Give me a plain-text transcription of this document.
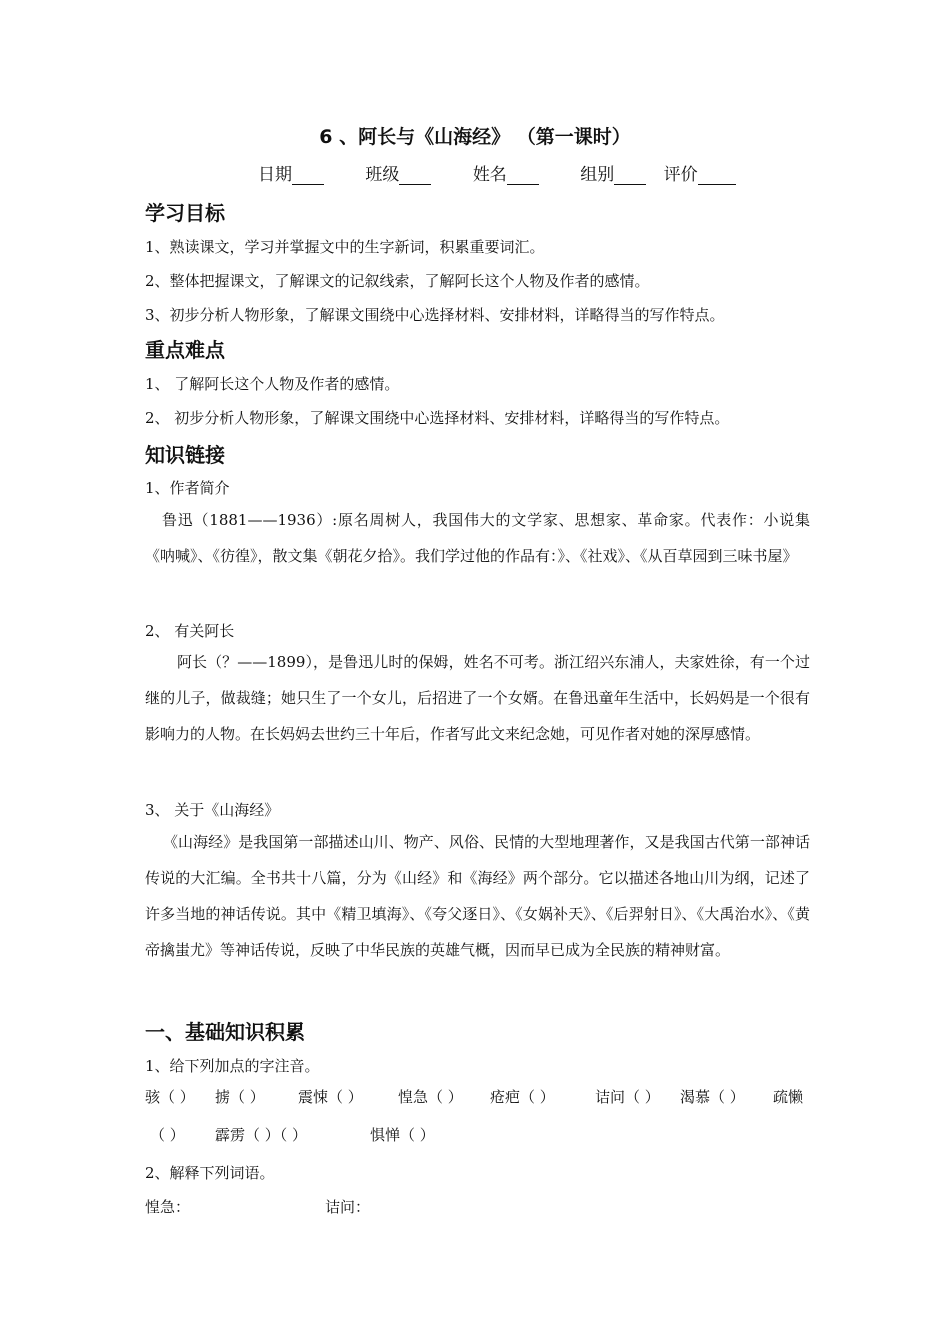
6 、阿长与《山海经》 （第一课时）
日期	班级	姓名	组别	评价
学习目标
1、熟读课文，学习并掌握文中的生字新词，积累重要词汇。
2、整体把握课文，了解课文的记叙线索，了解阿长这个人物及作者的感情。
3、初步分析人物形象，了解课文围绕中心选择材料、安排材料，详略得当的写作特点。
重点难点
1、 了解阿长这个人物及作者的感情。
2、 初步分析人物形象，了解课文围绕中心选择材料、安排材料，详略得当的写作特点。
知识链接
1、作者简介
鲁迅（1881——1936）:原名周树人，我国伟大的文学家、思想家、革命家。代表作：小说集《呐喊》、《彷徨》，散文集《朝花夕拾》。我们学过他的作品有：》、《社戏》、《从百草园到三味书屋》
2、 有关阿长
阿长（？——1899），是鲁迅儿时的保姆，姓名不可考。浙江绍兴东浦人，夫家姓徐，有一个过继的儿子，做裁缝；她只生了一个女儿，后招进了一个女婿。在鲁迅童年生活中，长妈妈是一个很有影响力的人物。在长妈妈去世约三十年后，作者写此文来纪念她，可见作者对她的深厚感情。
3、 关于《山海经》
《山海经》是我国第一部描述山川、物产、风俗、民情的大型地理著作，又是我国古代第一部神话传说的大汇编。全书共十八篇，分为《山经》和《海经》两个部分。它以描述各地山川为纲，记述了许多当地的神话传说。其中《精卫填海》、《夸父逐日》、《女娲补天》、《后羿射日》、《大禹治水》、《黄帝擒蚩尤》等神话传说，反映了中华民族的英雄气概，因而早已成为全民族的精神财富。
一、基础知识积累
1、给下列加点的字注音。
骇（ ） 掳（ ） 震悚（ ） 惶急（ ） 疮疤（ ）	诘问（ ） 渴慕（ ） 疏懒
（ ） 霹雳（ ）（ ）	惧惮（ ）
2、解释下列词语。
惶急：	诘问：
